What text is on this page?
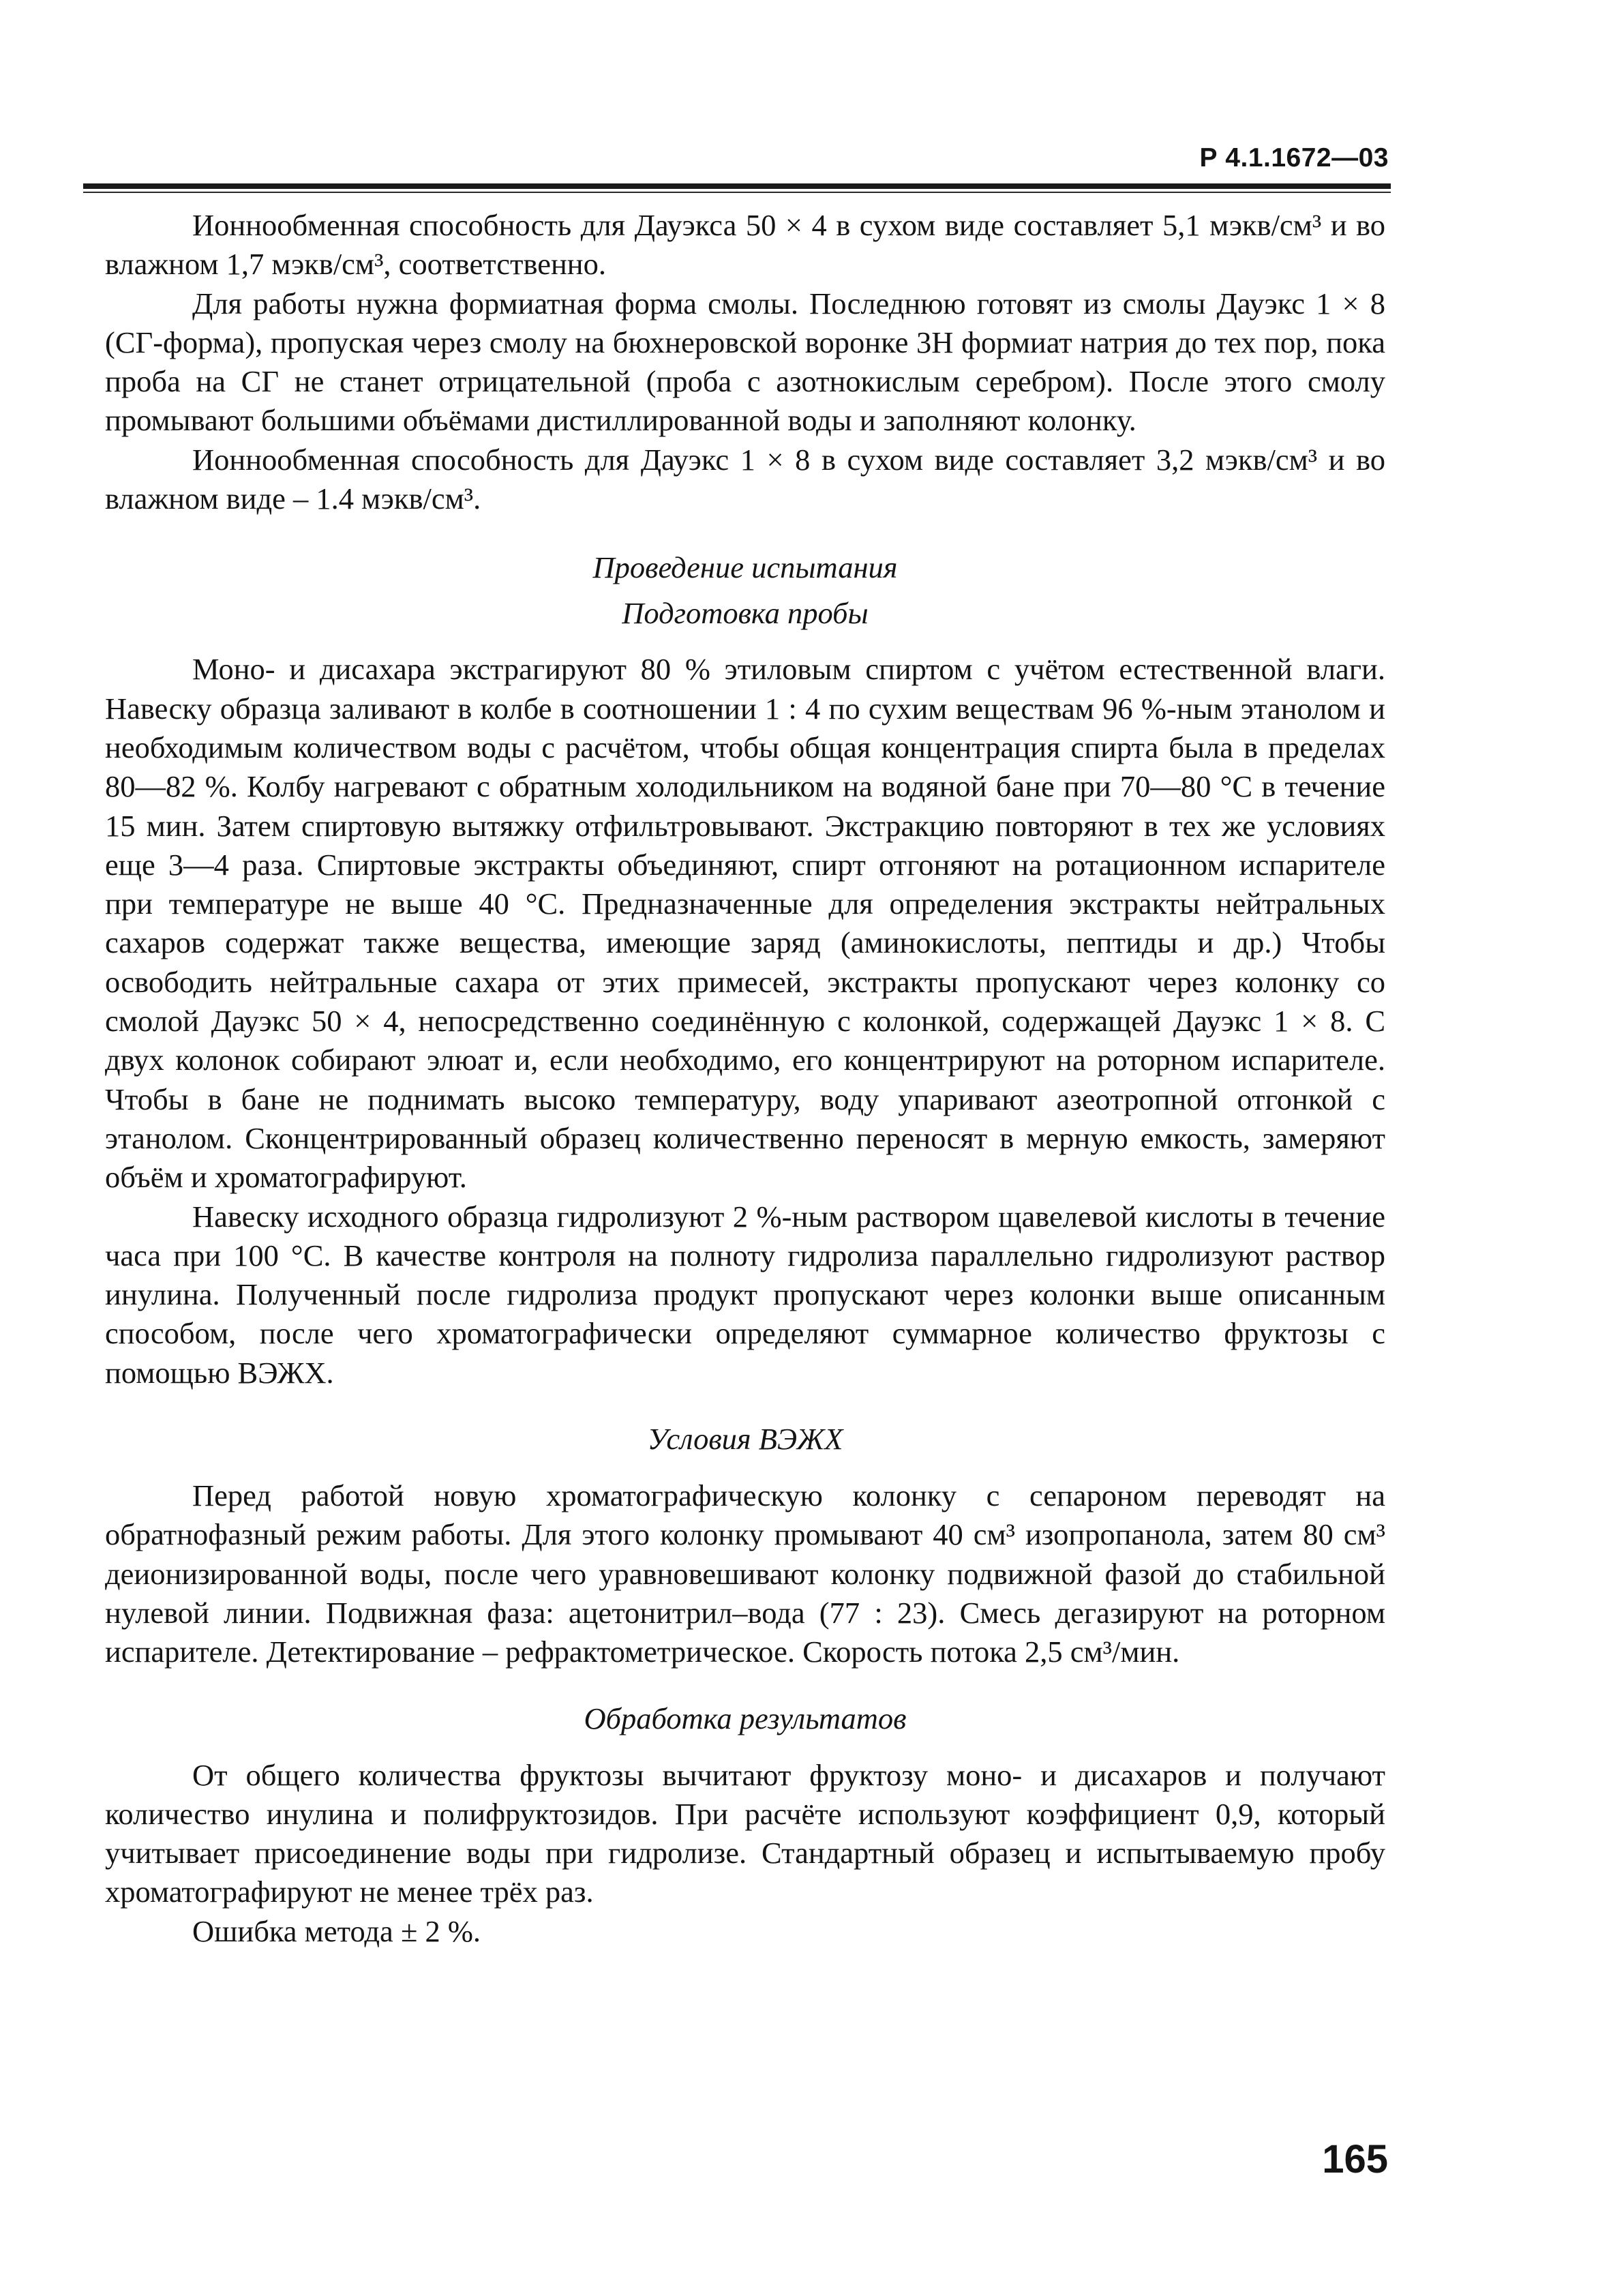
Р 4.1.1672—03

Ионнообменная способность для Дауэкса 50 × 4 в сухом виде составляет 5,1 мэкв/см³ и во влажном 1,7 мэкв/см³, соответственно.

Для работы нужна формиатная форма смолы. Последнюю готовят из смолы Дауэкс 1 × 8 (СГ-форма), пропуская через смолу на бюхнеровской воронке 3Н формиат натрия до тех пор, пока проба на СГ не станет отрицательной (проба с азотнокислым серебром). После этого смолу промывают большими объёмами дистиллированной воды и заполняют колонку.

Ионнообменная способность для Дауэкс 1 × 8 в сухом виде составляет 3,2 мэкв/см³ и во влажном виде – 1.4 мэкв/см³.

Проведение испытания
Подготовка пробы

Моно- и дисахара экстрагируют 80 % этиловым спиртом с учётом естественной влаги. Навеску образца заливают в колбе в соотношении 1 : 4 по сухим веществам 96 %-ным этанолом и необходимым количеством воды с расчётом, чтобы общая концентрация спирта была в пределах 80—82 %. Колбу нагревают с обратным холодильником на водяной бане при 70—80 °С в течение 15 мин. Затем спиртовую вытяжку отфильтровывают. Экстракцию повторяют в тех же условиях еще 3—4 раза. Спиртовые экстракты объединяют, спирт отгоняют на ротационном испарителе при температуре не выше 40 °С. Предназначенные для определения экстракты нейтральных сахаров содержат также вещества, имеющие заряд (аминокислоты, пептиды и др.) Чтобы освободить нейтральные сахара от этих примесей, экстракты пропускают через колонку со смолой Дауэкс 50 × 4, непосредственно соединённую с колонкой, содержащей Дауэкс 1 × 8. С двух колонок собирают элюат и, если необходимо, его концентрируют на роторном испарителе. Чтобы в бане не поднимать высоко температуру, воду упаривают азеотропной отгонкой с этанолом. Сконцентрированный образец количественно переносят в мерную емкость, замеряют объём и хроматографируют.

Навеску исходного образца гидролизуют 2 %-ным раствором щавелевой кислоты в течение часа при 100 °С. В качестве контроля на полноту гидролиза параллельно гидролизуют раствор инулина. Полученный после гидролиза продукт пропускают через колонки выше описанным способом, после чего хроматографически определяют суммарное количество фруктозы с помощью ВЭЖХ.

Условия ВЭЖХ

Перед работой новую хроматографическую колонку с сепароном переводят на обратнофазный режим работы. Для этого колонку промывают 40 см³ изопропанола, затем 80 см³ деионизированной воды, после чего уравновешивают колонку подвижной фазой до стабильной нулевой линии. Подвижная фаза: ацетонитрил–вода (77 : 23). Смесь дегазируют на роторном испарителе. Детектирование – рефрактометрическое. Скорость потока 2,5 см³/мин.

Обработка результатов

От общего количества фруктозы вычитают фруктозу моно- и дисахаров и получают количество инулина и полифруктозидов. При расчёте используют коэффициент 0,9, который учитывает присоединение воды при гидролизе. Стандартный образец и испытываемую пробу хроматографируют не менее трёх раз.

Ошибка метода ± 2 %.

165
